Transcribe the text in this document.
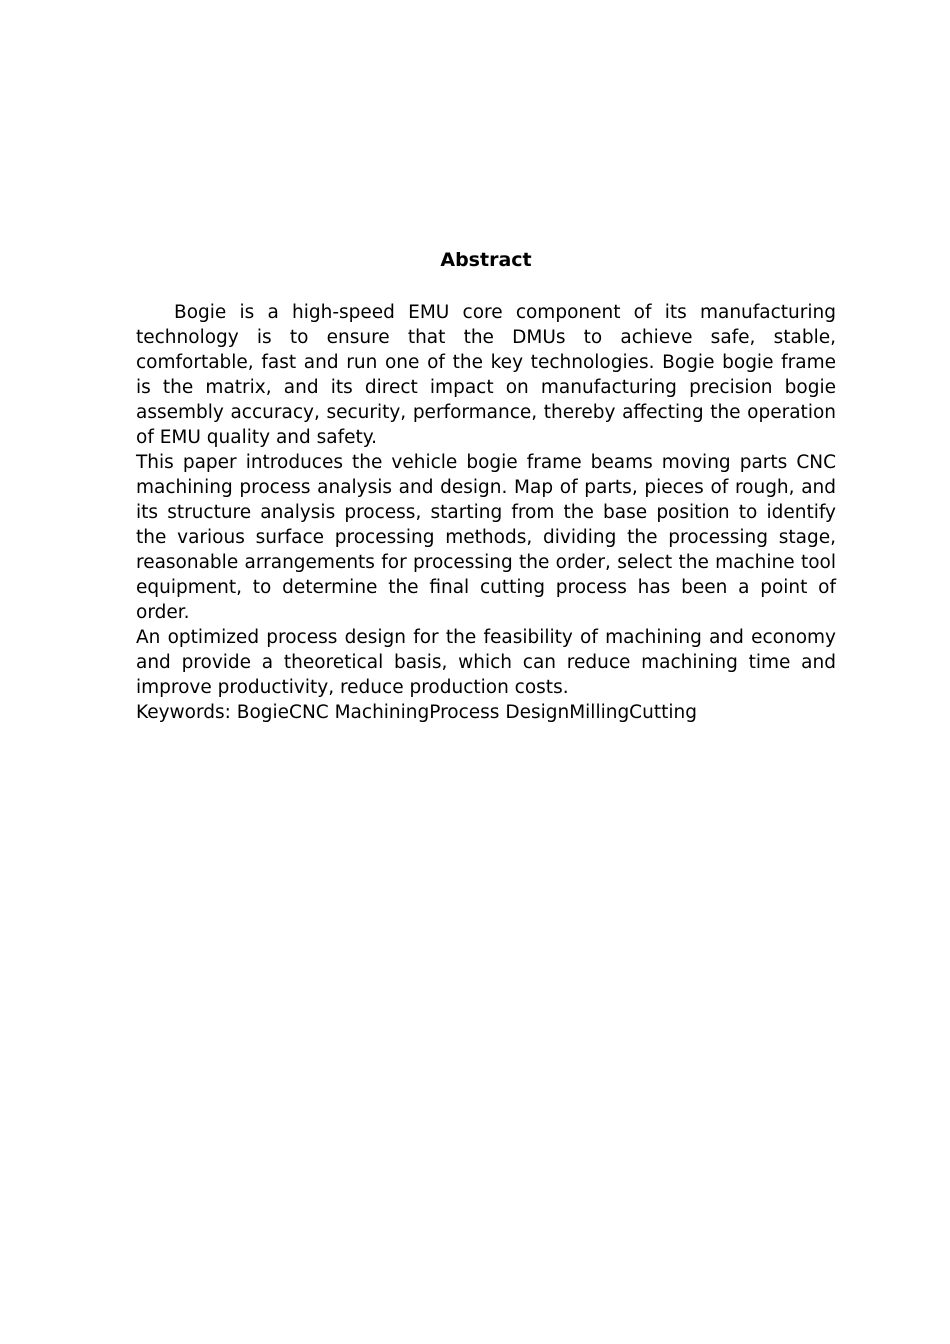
Abstract

Bogie is a high-speed EMU core component of its manufacturing technology is to ensure that the DMUs to achieve safe, stable, comfortable, fast and run one of the key technologies. Bogie bogie frame is the matrix, and its direct impact on manufacturing precision bogie assembly accuracy, security, performance, thereby affecting the operation of EMU quality and safety.

This paper introduces the vehicle bogie frame beams moving parts CNC machining process analysis and design. Map of parts, pieces of rough, and its structure analysis process, starting from the base position to identify the various surface processing methods, dividing the processing stage, reasonable arrangements for processing the order, select the machine tool equipment, to determine the final cutting process has been a point of order.

An optimized process design for the feasibility of machining and economy and provide a theoretical basis, which can reduce machining time and improve productivity, reduce production costs.

Keywords: BogieCNC MachiningProcess DesignMillingCutting
